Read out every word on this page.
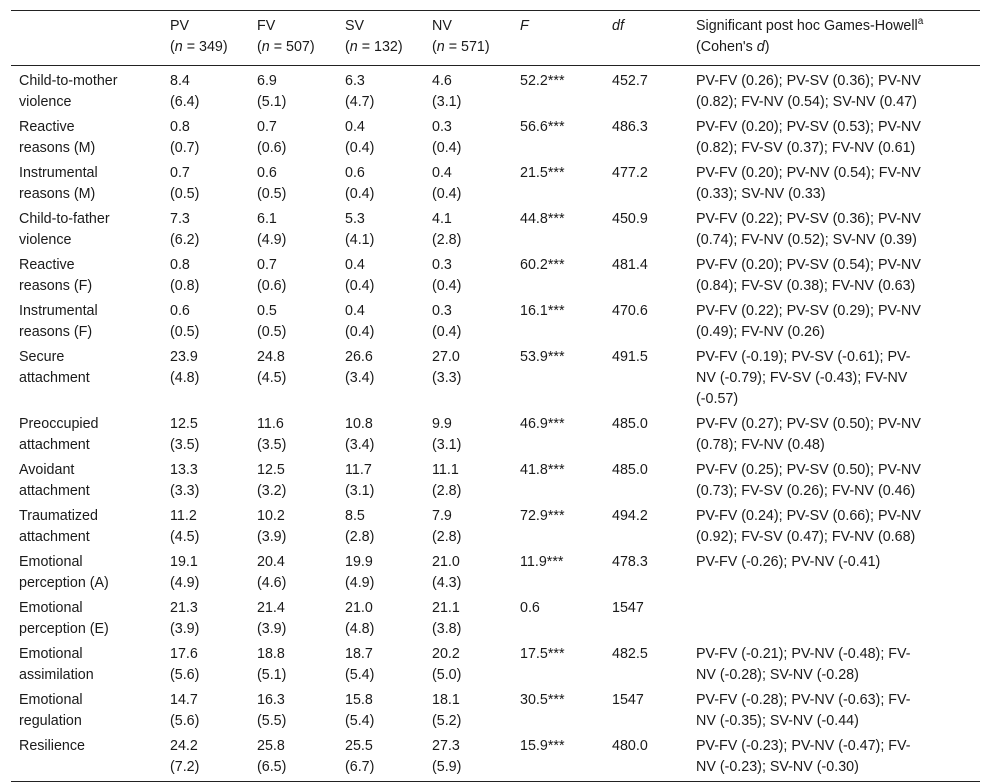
	PV
(n = 349)	FV
(n = 507)	SV
(n = 132)	NV
(n = 571)	F	df	Significant post hoc Games-Howell$^a$
(Cohen's d)

Child-to-mother
violence	8.4
(6.4)	6.9
(5.1)	6.3
(4.7)	4.6
(3.1)	52.2***	452.7	PV-FV (0.26); PV-SV (0.36); PV-NV
(0.82); FV-NV (0.54); SV-NV (0.47)
Reactive
reasons (M)	0.8
(0.7)	0.7
(0.6)	0.4
(0.4)	0.3
(0.4)	56.6***	486.3	PV-FV (0.20); PV-SV (0.53); PV-NV
(0.82); FV-SV (0.37); FV-NV (0.61)
Instrumental
reasons (M)	0.7
(0.5)	0.6
(0.5)	0.6
(0.4)	0.4
(0.4)	21.5***	477.2	PV-FV (0.20); PV-NV (0.54); FV-NV
(0.33); SV-NV (0.33)
Child-to-father
violence	7.3
(6.2)	6.1
(4.9)	5.3
(4.1)	4.1
(2.8)	44.8***	450.9	PV-FV (0.22); PV-SV (0.36); PV-NV
(0.74); FV-NV (0.52); SV-NV (0.39)
Reactive
reasons (F)	0.8
(0.8)	0.7
(0.6)	0.4
(0.4)	0.3
(0.4)	60.2***	481.4	PV-FV (0.20); PV-SV (0.54); PV-NV
(0.84); FV-SV (0.38); FV-NV (0.63)
Instrumental
reasons (F)	0.6
(0.5)	0.5
(0.5)	0.4
(0.4)	0.3
(0.4)	16.1***	470.6	PV-FV (0.22); PV-SV (0.29); PV-NV
(0.49); FV-NV (0.26)
Secure
attachment	23.9
(4.8)	24.8
(4.5)	26.6
(3.4)	27.0
(3.3)	53.9***	491.5	PV-FV (-0.19); PV-SV (-0.61); PV-
NV (-0.79); FV-SV (-0.43); FV-NV
(-0.57)
Preoccupied
attachment	12.5
(3.5)	11.6
(3.5)	10.8
(3.4)	9.9
(3.1)	46.9***	485.0	PV-FV (0.27); PV-SV (0.50); PV-NV
(0.78); FV-NV (0.48)
Avoidant
attachment	13.3
(3.3)	12.5
(3.2)	11.7
(3.1)	11.1
(2.8)	41.8***	485.0	PV-FV (0.25); PV-SV (0.50); PV-NV
(0.73); FV-SV (0.26); FV-NV (0.46)
Traumatized
attachment	11.2
(4.5)	10.2
(3.9)	8.5
(2.8)	7.9
(2.8)	72.9***	494.2	PV-FV (0.24); PV-SV (0.66); PV-NV
(0.92); FV-SV (0.47); FV-NV (0.68)
Emotional
perception (A)	19.1
(4.9)	20.4
(4.6)	19.9
(4.9)	21.0
(4.3)	11.9***	478.3	PV-FV (-0.26); PV-NV (-0.41)
Emotional
perception (E)	21.3
(3.9)	21.4
(3.9)	21.0
(4.8)	21.1
(3.8)	0.6	1547	
Emotional
assimilation	17.6
(5.6)	18.8
(5.1)	18.7
(5.4)	20.2
(5.0)	17.5***	482.5	PV-FV (-0.21); PV-NV (-0.48); FV-
NV (-0.28); SV-NV (-0.28)
Emotional
regulation	14.7
(5.6)	16.3
(5.5)	15.8
(5.4)	18.1
(5.2)	30.5***	1547	PV-FV (-0.28); PV-NV (-0.63); FV-
NV (-0.35); SV-NV (-0.44)
Resilience	24.2
(7.2)	25.8
(6.5)	25.5
(6.7)	27.3
(5.9)	15.9***	480.0	PV-FV (-0.23); PV-NV (-0.47); FV-
NV (-0.23); SV-NV (-0.30)
